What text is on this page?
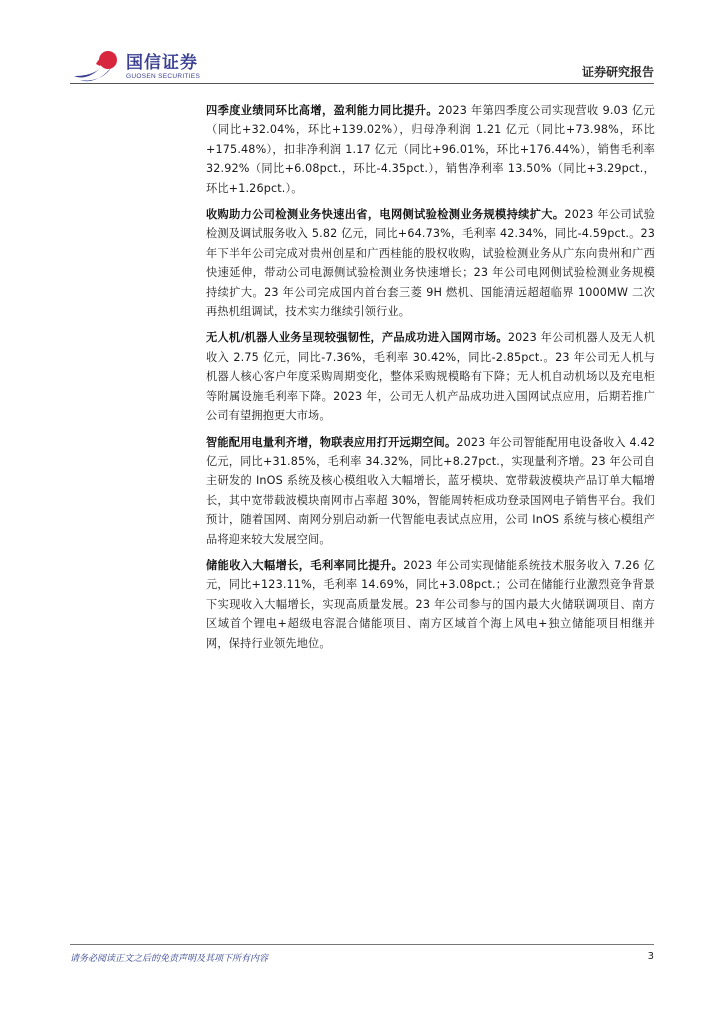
国信证券
GUOSEN SECURITIES	证券研究报告

四季度业绩同环比高增，盈利能力同比提升。2023 年第四季度公司实现营收 9.03 亿元（同比+32.04%，环比+139.02%），归母净利润 1.21 亿元（同比+73.98%，环比+175.48%），扣非净利润 1.17 亿元（同比+96.01%，环比+176.44%），销售毛利率 32.92%（同比+6.08pct.，环比-4.35pct.），销售净利率 13.50%（同比+3.29pct.，环比+1.26pct.）。

收购助力公司检测业务快速出省，电网侧试验检测业务规模持续扩大。2023 年公司试验检测及调试服务收入 5.82 亿元，同比+64.73%，毛利率 42.34%，同比-4.59pct.。23 年下半年公司完成对贵州创星和广西桂能的股权收购，试验检测业务从广东向贵州和广西快速延伸，带动公司电源侧试验检测业务快速增长；23 年公司电网侧试验检测业务规模持续扩大。23 年公司完成国内首台套三菱 9H 燃机、国能清远超超临界 1000MW 二次再热机组调试，技术实力继续引领行业。

无人机/机器人业务呈现较强韧性，产品成功进入国网市场。2023 年公司机器人及无人机收入 2.75 亿元，同比-7.36%，毛利率 30.42%，同比-2.85pct.。23 年公司无人机与机器人核心客户年度采购周期变化，整体采购规模略有下降；无人机自动机场以及充电柜等附属设施毛利率下降。2023 年，公司无人机产品成功进入国网试点应用，后期若推广公司有望拥抱更大市场。

智能配用电量利齐增，物联表应用打开远期空间。2023 年公司智能配用电设备收入 4.42 亿元，同比+31.85%，毛利率 34.32%，同比+8.27pct.，实现量利齐增。23 年公司自主研发的 InOS 系统及核心模组收入大幅增长，蓝牙模块、宽带载波模块产品订单大幅增长，其中宽带载波模块南网市占率超 30%，智能周转柜成功登录国网电子销售平台。我们预计，随着国网、南网分别启动新一代智能电表试点应用，公司 InOS 系统与核心模组产品将迎来较大发展空间。

储能收入大幅增长，毛利率同比提升。2023 年公司实现储能系统技术服务收入 7.26 亿元，同比+123.11%，毛利率 14.69%，同比+3.08pct.；公司在储能行业激烈竞争背景下实现收入大幅增长，实现高质量发展。23 年公司参与的国内最大火储联调项目、南方区域首个锂电+超级电容混合储能项目、南方区域首个海上风电+独立储能项目相继并网，保持行业领先地位。

请务必阅读正文之后的免责声明及其项下所有内容	3
